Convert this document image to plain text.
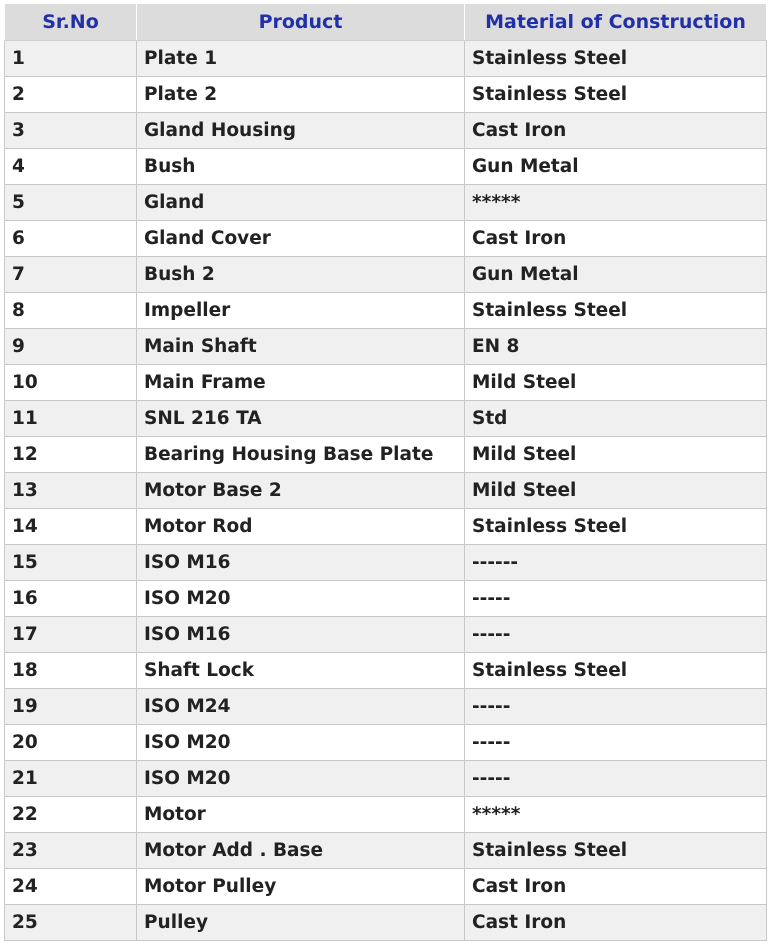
Sr.No	Product	Material of Construction
1	Plate 1	Stainless Steel
2	Plate 2	Stainless Steel
3	Gland Housing	Cast Iron
4	Bush	Gun Metal
5	Gland	*****
6	Gland Cover	Cast Iron
7	Bush 2	Gun Metal
8	Impeller	Stainless Steel
9	Main Shaft	EN 8
10	Main Frame	Mild Steel
11	SNL 216 TA	Std
12	Bearing Housing Base Plate	Mild Steel
13	Motor Base 2	Mild Steel
14	Motor Rod	Stainless Steel
15	ISO M16	------
16	ISO M20	-----
17	ISO M16	-----
18	Shaft Lock	Stainless Steel
19	ISO M24	-----
20	ISO M20	-----
21	ISO M20	-----
22	Motor	*****
23	Motor Add . Base	Stainless Steel
24	Motor Pulley	Cast Iron
25	Pulley	Cast Iron
